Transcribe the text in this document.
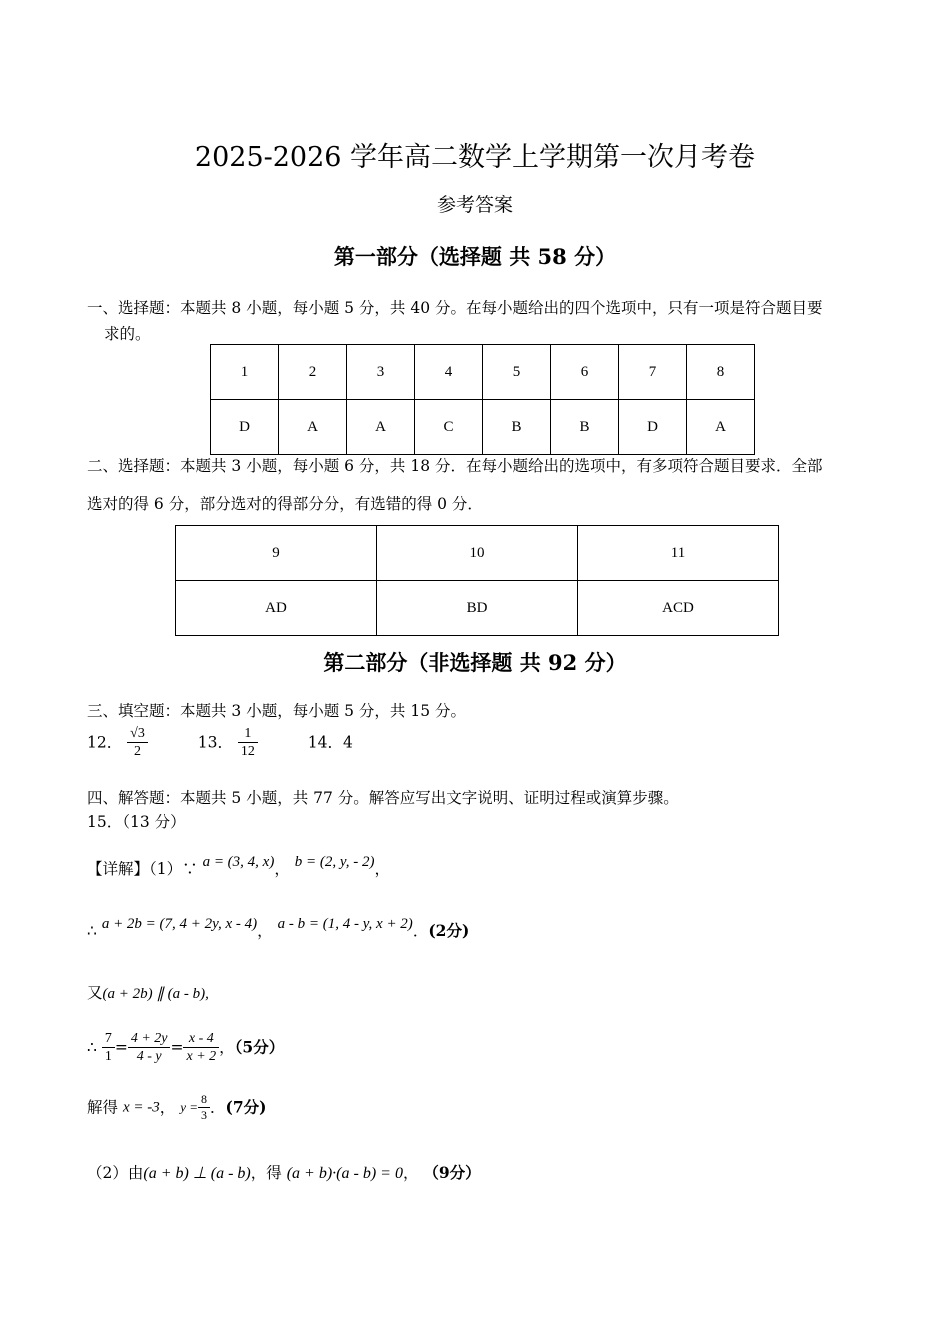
2025-2026 学年高二数学上学期第一次月考卷
参考答案
第一部分（选择题 共 58 分）
一、选择题：本题共 8 小题，每小题 5 分，共 40 分。在每小题给出的四个选项中，只有一项是符合题目要
求的。
1	2	3	4	5	6	7	8
D	A	A	C	B	B	D	A
二、选择题：本题共 3 小题，每小题 6 分，共 18 分．在每小题给出的选项中，有多项符合题目要求．全部
选对的得 6 分，部分选对的得部分分，有选错的得 0 分．
9	10	11
AD	BD	ACD
第二部分（非选择题 共 92 分）
三、填空题：本题共 3 小题，每小题 5 分，共 15 分。
12． $\frac{√3}{2}$	13． $\frac{1}{12}$	14．4
四、解答题：本题共 5 小题，共 77 分。解答应写出文字说明、证明过程或演算步骤。
15．（13 分）
【详解】（1）∵ a = (3, 4, x)， b = (2, y, - 2)，
∴ a + 2b = (7, 4 + 2y, x - 4)， a - b = (1, 4 - y, x + 2)．(2分)
又(a + 2b) ∥ (a - b),
∴ $\frac{7}{1} = \frac{4 + 2y}{4 - y} = \frac{x - 4}{x + 2}$ ，（5分）
解得 x = -3， $y = \frac{8}{3}$ ．(7分)
（2）由(a + b) ⊥ (a - b)，得 (a + b)·(a - b) = 0， （9分）
